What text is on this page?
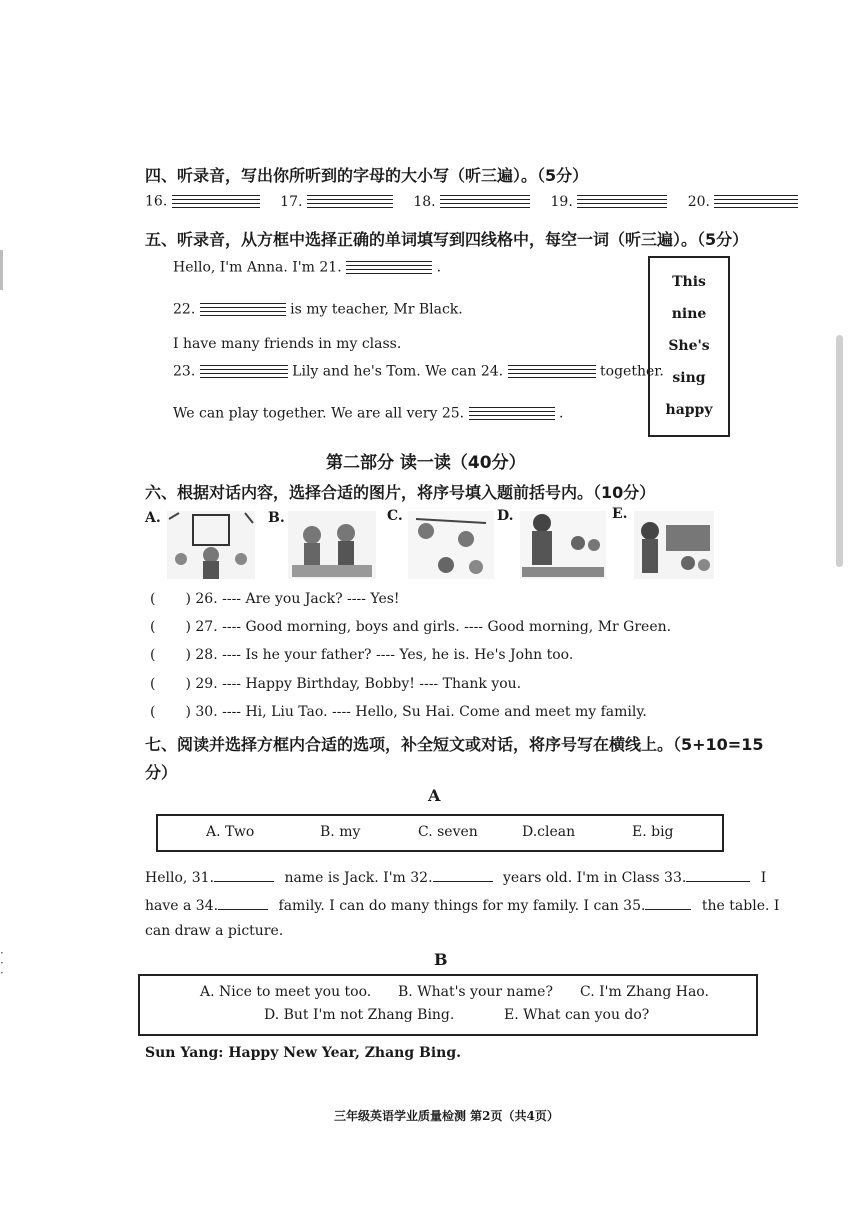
·
·
·
四、听录音，写出你所听到的字母的大小写（听三遍）。（5分）
16.	17.	18.	19.	20.
五、听录音，从方框中选择正确的单词填写到四线格中，每空一词（听三遍）。（5分）
Hello, I'm Anna. I'm 21.	.
22.	is my teacher, Mr Black.
I have many friends in my class.
23.	Lily and he's Tom. We can 24.	together.
We can play together. We are all very 25.	.
This
nine
She's
sing
happy
第二部分 读一读（40分）
六、根据对话内容，选择合适的图片，将序号填入题前括号内。（10分）
A.	B.	C.	D.	E.
( ) 26. ---- Are you Jack? ---- Yes!
( ) 27. ---- Good morning, boys and girls. ---- Good morning, Mr Green.
( ) 28. ---- Is he your father? ---- Yes, he is. He's John too.
( ) 29. ---- Happy Birthday, Bobby! ---- Thank you.
( ) 30. ---- Hi, Liu Tao. ---- Hello, Su Hai. Come and meet my family.
七、阅读并选择方框内合适的选项，补全短文或对话，将序号写在横线上。（5+10=15
分）
A
A. Two	B. my	C. seven	D.clean	E. big
Hello, 31.	name is Jack. I'm 32.	years old. I'm in Class 33.	I
have a 34.	family. I can do many things for my family. I can 35.	the table. I
can draw a picture.
B
A. Nice to meet you too. B. What's your name? C. I'm Zhang Hao.
D. But I'm not Zhang Bing.	E. What can you do?
Sun Yang: Happy New Year, Zhang Bing.
三年级英语学业质量检测 第2页（共4页）
